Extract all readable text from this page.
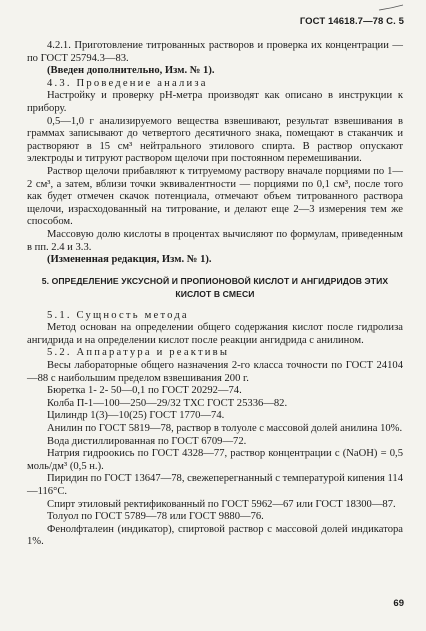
ГОСТ 14618.7—78 С. 5

4.2.1. Приготовление титрованных растворов и проверка их концентрации — по ГОСТ 25794.3—83.

(Введен дополнительно, Изм. № 1).

4.3. Проведение анализа

Настройку и проверку рН-метра производят как описано в инструкции к прибору.

0,5—1,0 г анализируемого вещества взвешивают, результат взвешивания в граммах записывают до четвертого десятичного знака, помещают в стаканчик и растворяют в 15 см³ нейтрального этилового спирта. В раствор опускают электроды и титруют раствором щелочи при постоянном перемешивании.

Раствор щелочи прибавляют к титруемому раствору вначале порциями по 1—2 см³, а затем, вблизи точки эквивалентности — порциями по 0,1 см³, после того как будет отмечен скачок потенциала, отмечают объем титрованного раствора щелочи, израсходованный на титрование, и делают еще 2—3 измерения тем же способом.

Массовую долю кислоты в процентах вычисляют по формулам, приведенным в пп. 2.4 и 3.3.

(Измененная редакция, Изм. № 1).

5. ОПРЕДЕЛЕНИЕ УКСУСНОЙ И ПРОПИОНОВОЙ КИСЛОТ И АНГИДРИДОВ ЭТИХ КИСЛОТ В СМЕСИ

5.1. Сущность метода

Метод основан на определении общего содержания кислот после гидролиза ангидрида и на определении кислот после реакции ангидрида с анилином.

5.2. Аппаратура и реактивы

Весы лабораторные общего назначения 2-го класса точности по ГОСТ 24104—88 с наибольшим пределом взвешивания 200 г.

Бюретка 1- 2- 50—0,1 по ГОСТ 20292—74.

Колба П-1—100—250—29/32 ТХС ГОСТ 25336—82.

Цилиндр 1(3)—10(25) ГОСТ 1770—74.

Анилин по ГОСТ 5819—78, раствор в толуоле с массовой долей анилина 10%.

Вода дистиллированная по ГОСТ 6709—72.

Натрия гидроокись по ГОСТ 4328—77, раствор концентрации с (NaOH) = 0,5 моль/дм³ (0,5 н.).

Пиридин по ГОСТ 13647—78, свежеперегнанный с температурой кипения 114—116°С.

Спирт этиловый ректификованный по ГОСТ 5962—67 или ГОСТ 18300—87.

Толуол по ГОСТ 5789—78 или ГОСТ 9880—76.

Фенолфталеин (индикатор), спиртовой раствор с массовой долей индикатора 1%.

69
